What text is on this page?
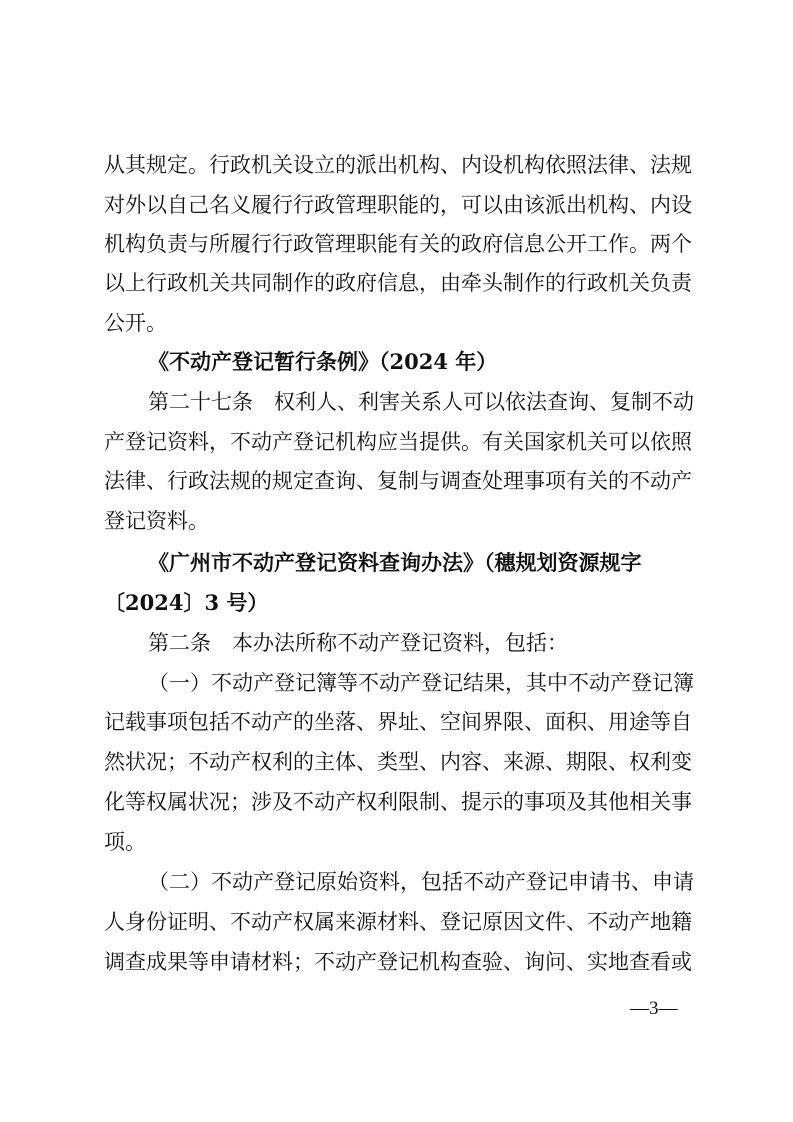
从其规定。行政机关设立的派出机构、内设机构依照法律、法规
对外以自己名义履行行政管理职能的，可以由该派出机构、内设
机构负责与所履行行政管理职能有关的政府信息公开工作。两个
以上行政机关共同制作的政府信息，由牵头制作的行政机关负责
公开。
《不动产登记暂行条例》（2024 年）
第二十七条　权利人、利害关系人可以依法查询、复制不动
产登记资料，不动产登记机构应当提供。有关国家机关可以依照
法律、行政法规的规定查询、复制与调查处理事项有关的不动产
登记资料。
《广州市不动产登记资料查询办法》（穗规划资源规字
〔2024〕3 号）
第二条　本办法所称不动产登记资料，包括：
（一）不动产登记簿等不动产登记结果，其中不动产登记簿
记载事项包括不动产的坐落、界址、空间界限、面积、用途等自
然状况；不动产权利的主体、类型、内容、来源、期限、权利变
化等权属状况；涉及不动产权利限制、提示的事项及其他相关事
项。
（二）不动产登记原始资料，包括不动产登记申请书、申请
人身份证明、不动产权属来源材料、登记原因文件、不动产地籍
调查成果等申请材料；不动产登记机构查验、询问、实地查看或
—3—
